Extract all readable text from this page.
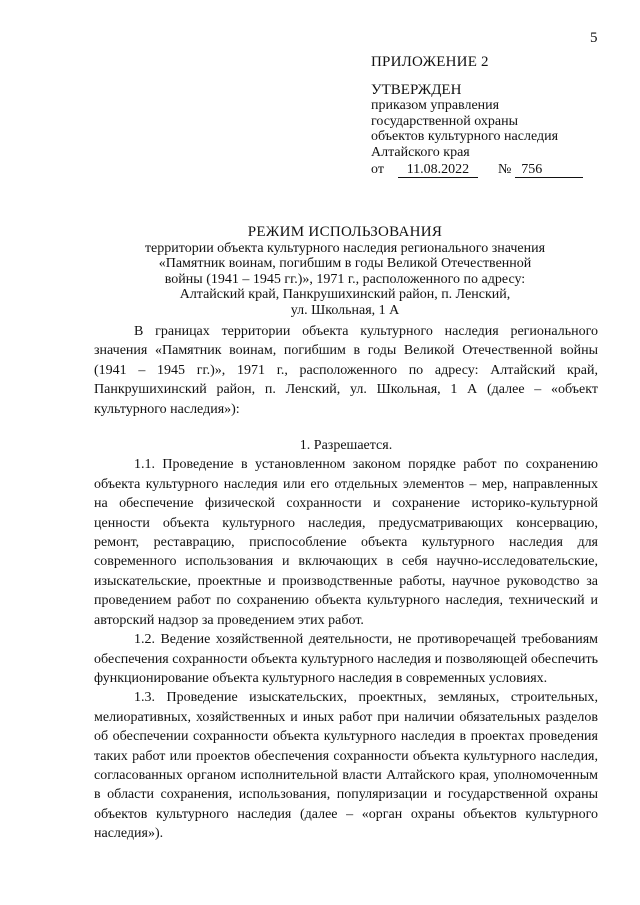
5
ПРИЛОЖЕНИЕ 2
УТВЕРЖДЕН
приказом управления
государственной охраны
объектов культурного наследия
Алтайского края
от 11.08.2022 № 756
РЕЖИМ ИСПОЛЬЗОВАНИЯ
территории объекта культурного наследия регионального значения
«Памятник воинам, погибшим в годы Великой Отечественной
войны (1941 – 1945 гг.)», 1971 г., расположенного по адресу:
Алтайский край, Панкрушихинский район, п. Ленский,
ул. Школьная, 1 А

В границах территории объекта культурного наследия регионального значения «Памятник воинам, погибшим в годы Великой Отечественной войны (1941 – 1945 гг.)», 1971 г., расположенного по адресу: Алтайский край, Панкрушихинский район, п. Ленский, ул. Школьная, 1 А (далее – «объект культурного наследия»):

1. Разрешается.

1.1. Проведение в установленном законом порядке работ по сохранению объекта культурного наследия или его отдельных элементов – мер, направленных на обеспечение физической сохранности и сохранение историко-культурной ценности объекта культурного наследия, предусматривающих консервацию, ремонт, реставрацию, приспособление объекта культурного наследия для современного использования и включающих в себя научно-исследовательские, изыскательские, проектные и производственные работы, научное руководство за проведением работ по сохранению объекта культурного наследия, технический и авторский надзор за проведением этих работ.

1.2. Ведение хозяйственной деятельности, не противоречащей требованиям обеспечения сохранности объекта культурного наследия и позволяющей обеспечить функционирование объекта культурного наследия в современных условиях.

1.3. Проведение изыскательских, проектных, земляных, строительных, мелиоративных, хозяйственных и иных работ при наличии обязательных разделов об обеспечении сохранности объекта культурного наследия в проектах проведения таких работ или проектов обеспечения сохранности объекта культурного наследия, согласованных органом исполнительной власти Алтайского края, уполномоченным в области сохранения, использования, популяризации и государственной охраны объектов культурного наследия (далее – «орган охраны объектов культурного наследия»).
